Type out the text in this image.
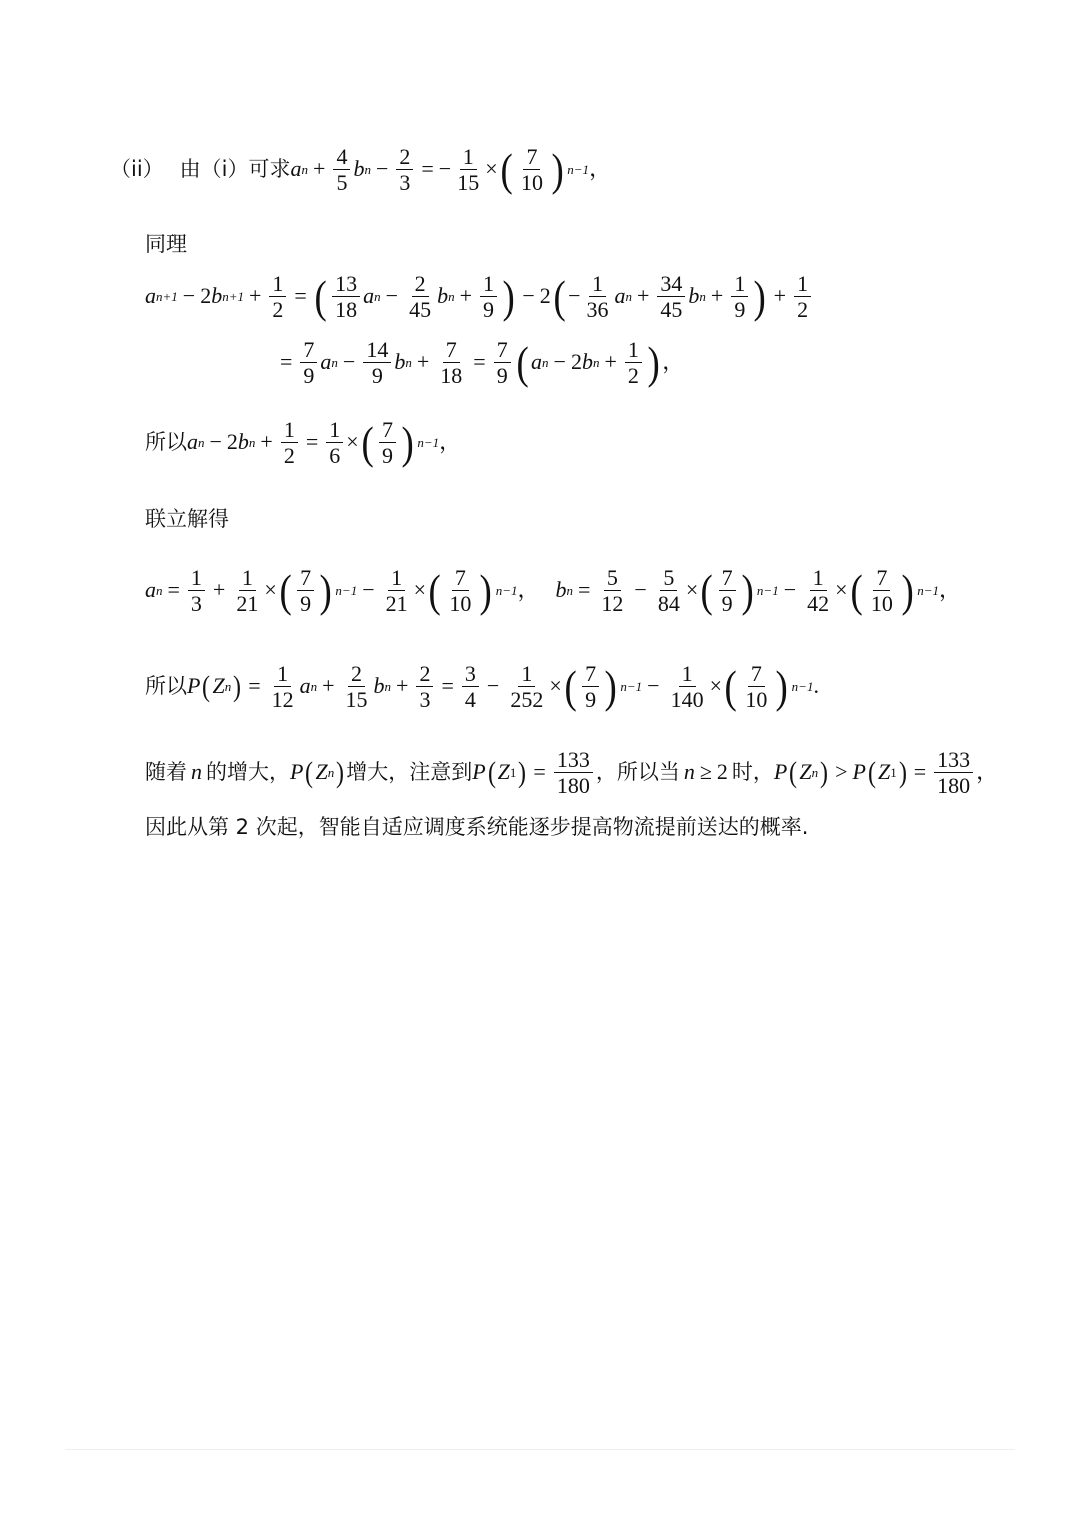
（ii） 由（i）可求 a $n + \frac{4}{5}$ b $n - \frac{2}{3}$ = − $\frac{1}{15}$ × ( $\frac{7}{10}$ ) n−1 ，
同理
a n+1 − 2 b $n+1 + \frac{1}{2}$ = ( $\frac{13}{18}$ a $n - \frac{2}{45}$ b $n + \frac{1}{9}$ ) − 2 ( − $\frac{1}{36}$ a $n + \frac{34}{45}$ b $n + \frac{1}{9}$ ) + $\frac{1}{2}$
= $\frac{7}{9}$ a $n - \frac{14}{9}$ b $n + \frac{7}{18} = \frac{7}{9}$ ( a n − 2 b $n + \frac{1}{2}$ ) ，
所以 a n − 2 b $n + \frac{1}{2} = \frac{1}{6}$ × ( $\frac{7}{9}$ ) n−1 ，
联立解得
a $n = \frac{1}{3} + \frac{1}{21}$ × ( $\frac{7}{9}$ ) $n-1 - \frac{1}{21}$ × ( $\frac{7}{10}$ ) n−1 ， b $n = \frac{5}{12} - \frac{5}{84}$ × ( $\frac{7}{9}$ ) $n-1 - \frac{1}{42}$ × ( $\frac{7}{10}$ ) n−1 ，
所以 P ( Z n ) = $\frac{1}{12}$ a $n + \frac{2}{15}$ b $n + \frac{2}{3} = \frac{3}{4} - \frac{1}{252}$ × ( $\frac{7}{9}$ ) $n-1 - \frac{1}{140}$ × ( $\frac{7}{10}$ ) n−1 .
随着 n 的增大， P ( Z n ) 增大，注意到 P ( Z 1 ) = $\frac{133}{180}$ ，所以当 n ≥ 2 时， P ( Z n ) > P ( Z 1 ) = $\frac{133}{180}$ ，
因此从第 2 次起，智能自适应调度系统能逐步提高物流提前送达的概率.
